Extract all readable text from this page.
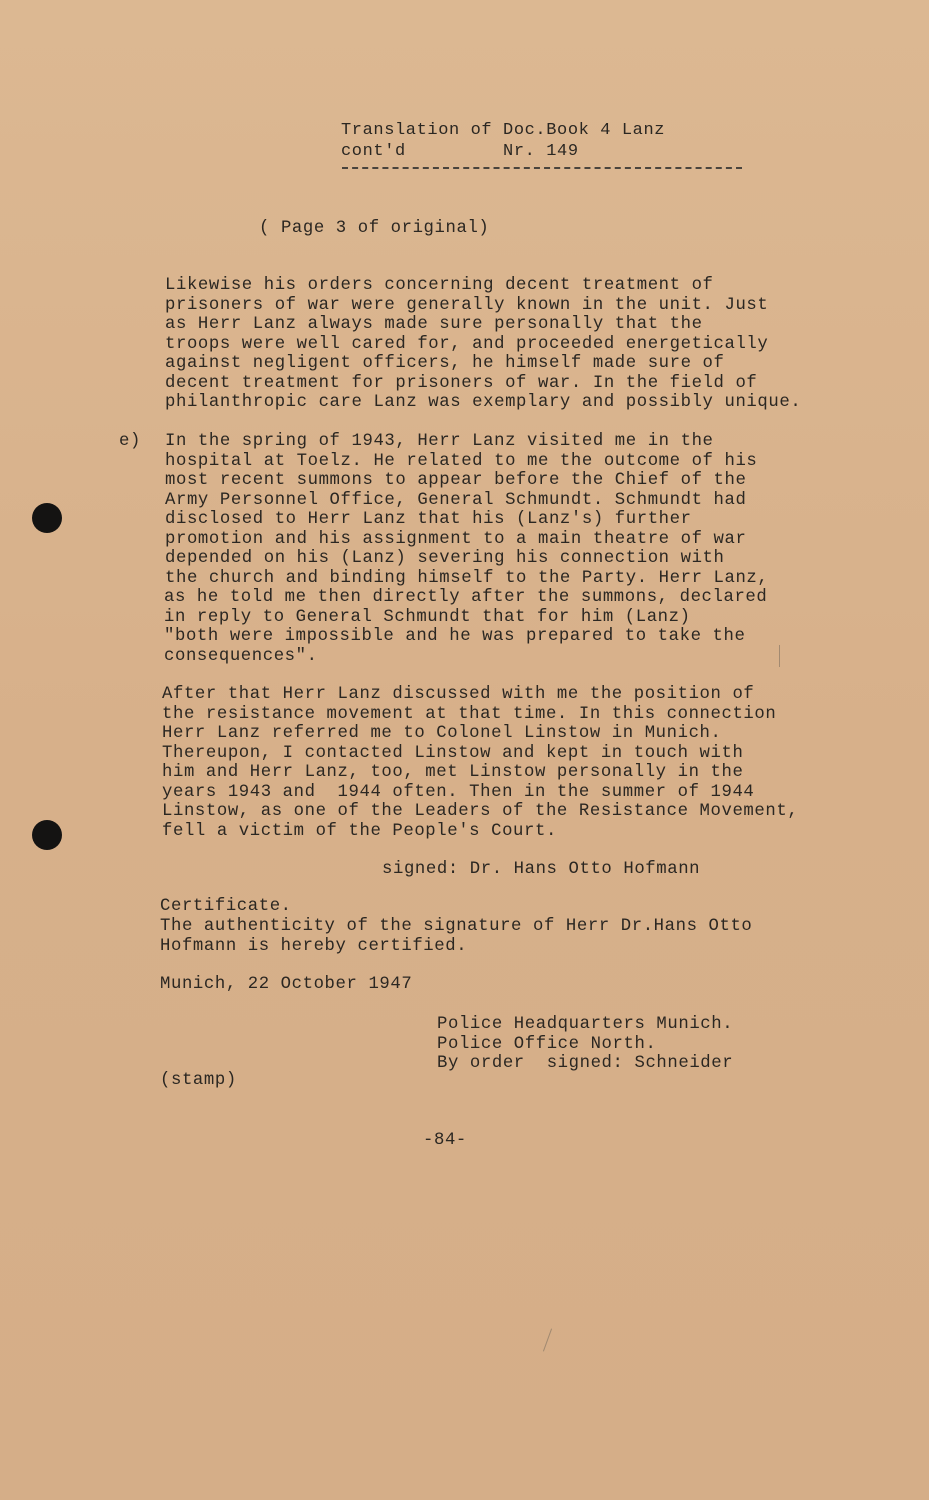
Translation of Doc.Book 4 Lanz
cont'd         Nr. 149
( Page 3 of original)
Likewise his orders concerning decent treatment of
prisoners of war were generally known in the unit. Just
as Herr Lanz always made sure personally that the
troops were well cared for, and proceeded energetically
against negligent officers, he himself made sure of
decent treatment for prisoners of war. In the field of
philanthropic care Lanz was exemplary and possibly unique.
e) In the spring of 1943, Herr Lanz visited me in the
hospital at Toelz. He related to me the outcome of his
most recent summons to appear before the Chief of the
Army Personnel Office, General Schmundt. Schmundt had
disclosed to Herr Lanz that his (Lanz's) further
promotion and his assignment to a main theatre of war
depended on his (Lanz) severing his connection with
the church and binding himself to the Party. Herr Lanz,
as he told me then directly after the summons, declared
in reply to General Schmundt that for him (Lanz)
"both were impossible and he was prepared to take the
consequences".
After that Herr Lanz discussed with me the position of
the resistance movement at that time. In this connection
Herr Lanz referred me to Colonel Linstow in Munich.
Thereupon, I contacted Linstow and kept in touch with
him and Herr Lanz, too, met Linstow personally in the
years 1943 and  1944 often. Then in the summer of 1944
Linstow, as one of the Leaders of the Resistance Movement,
fell a victim of the People's Court.
signed: Dr. Hans Otto Hofmann
Certificate.
The authenticity of the signature of Herr Dr.Hans Otto
Hofmann is hereby certified.
Munich, 22 October 1947
Police Headquarters Munich.
Police Office North.
By order  signed: Schneider
(stamp)
-84-
